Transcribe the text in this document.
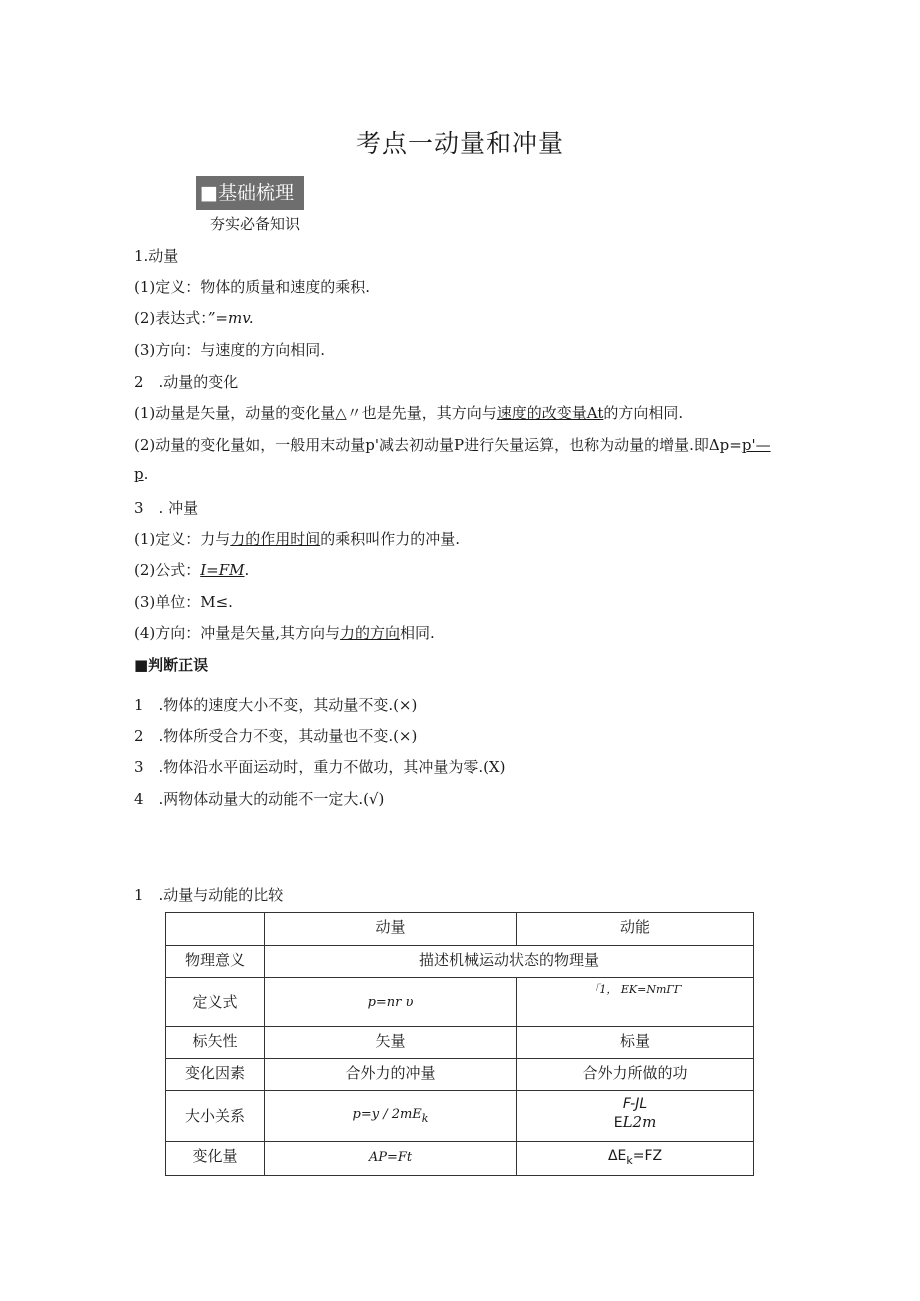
考点一动量和冲量
■基础梳理
夯实必备知识
1.动量
(1)定义：物体的质量和速度的乘积.
(2)表达式：”=mv.
(3)方向：与速度的方向相同.
2　.动量的变化
(1)动量是矢量，动量的变化量△〃也是先量，其方向与速度的改变量At的方向相同.
(2)动量的变化量如，一般用末动量p'减去初动量P进行矢量运算，也称为动量的增量.即Δp=p'—
p.
3　. 冲量
(1)定义：力与力的作用时间的乘积叫作力的冲量.
(2)公式：I=FM.
(3)单位：M≤.
(4)方向：冲量是矢量,其方向与力的方向相同.
■判断正误
1　.物体的速度大小不变，其动量不变.(×)
2　.物体所受合力不变，其动量也不变.(×)
3　.物体沿水平面运动时，重力不做功，其冲量为零.(X)
4　.两物体动量大的动能不一定大.(√)
1　.动量与动能的比较
	动量	动能
物理意义	描述机械运动状态的物理量	
定义式	p=nr υ	「1， EK=NmΓΓ
标矢性	矢量	标量
变化因素	合外力的冲量	合外力所做的功
大小关系	$p=y / 2mE_k$	F-JL
EL2m

变化量	AP=Ft	$\Delta E_k=FZ$
